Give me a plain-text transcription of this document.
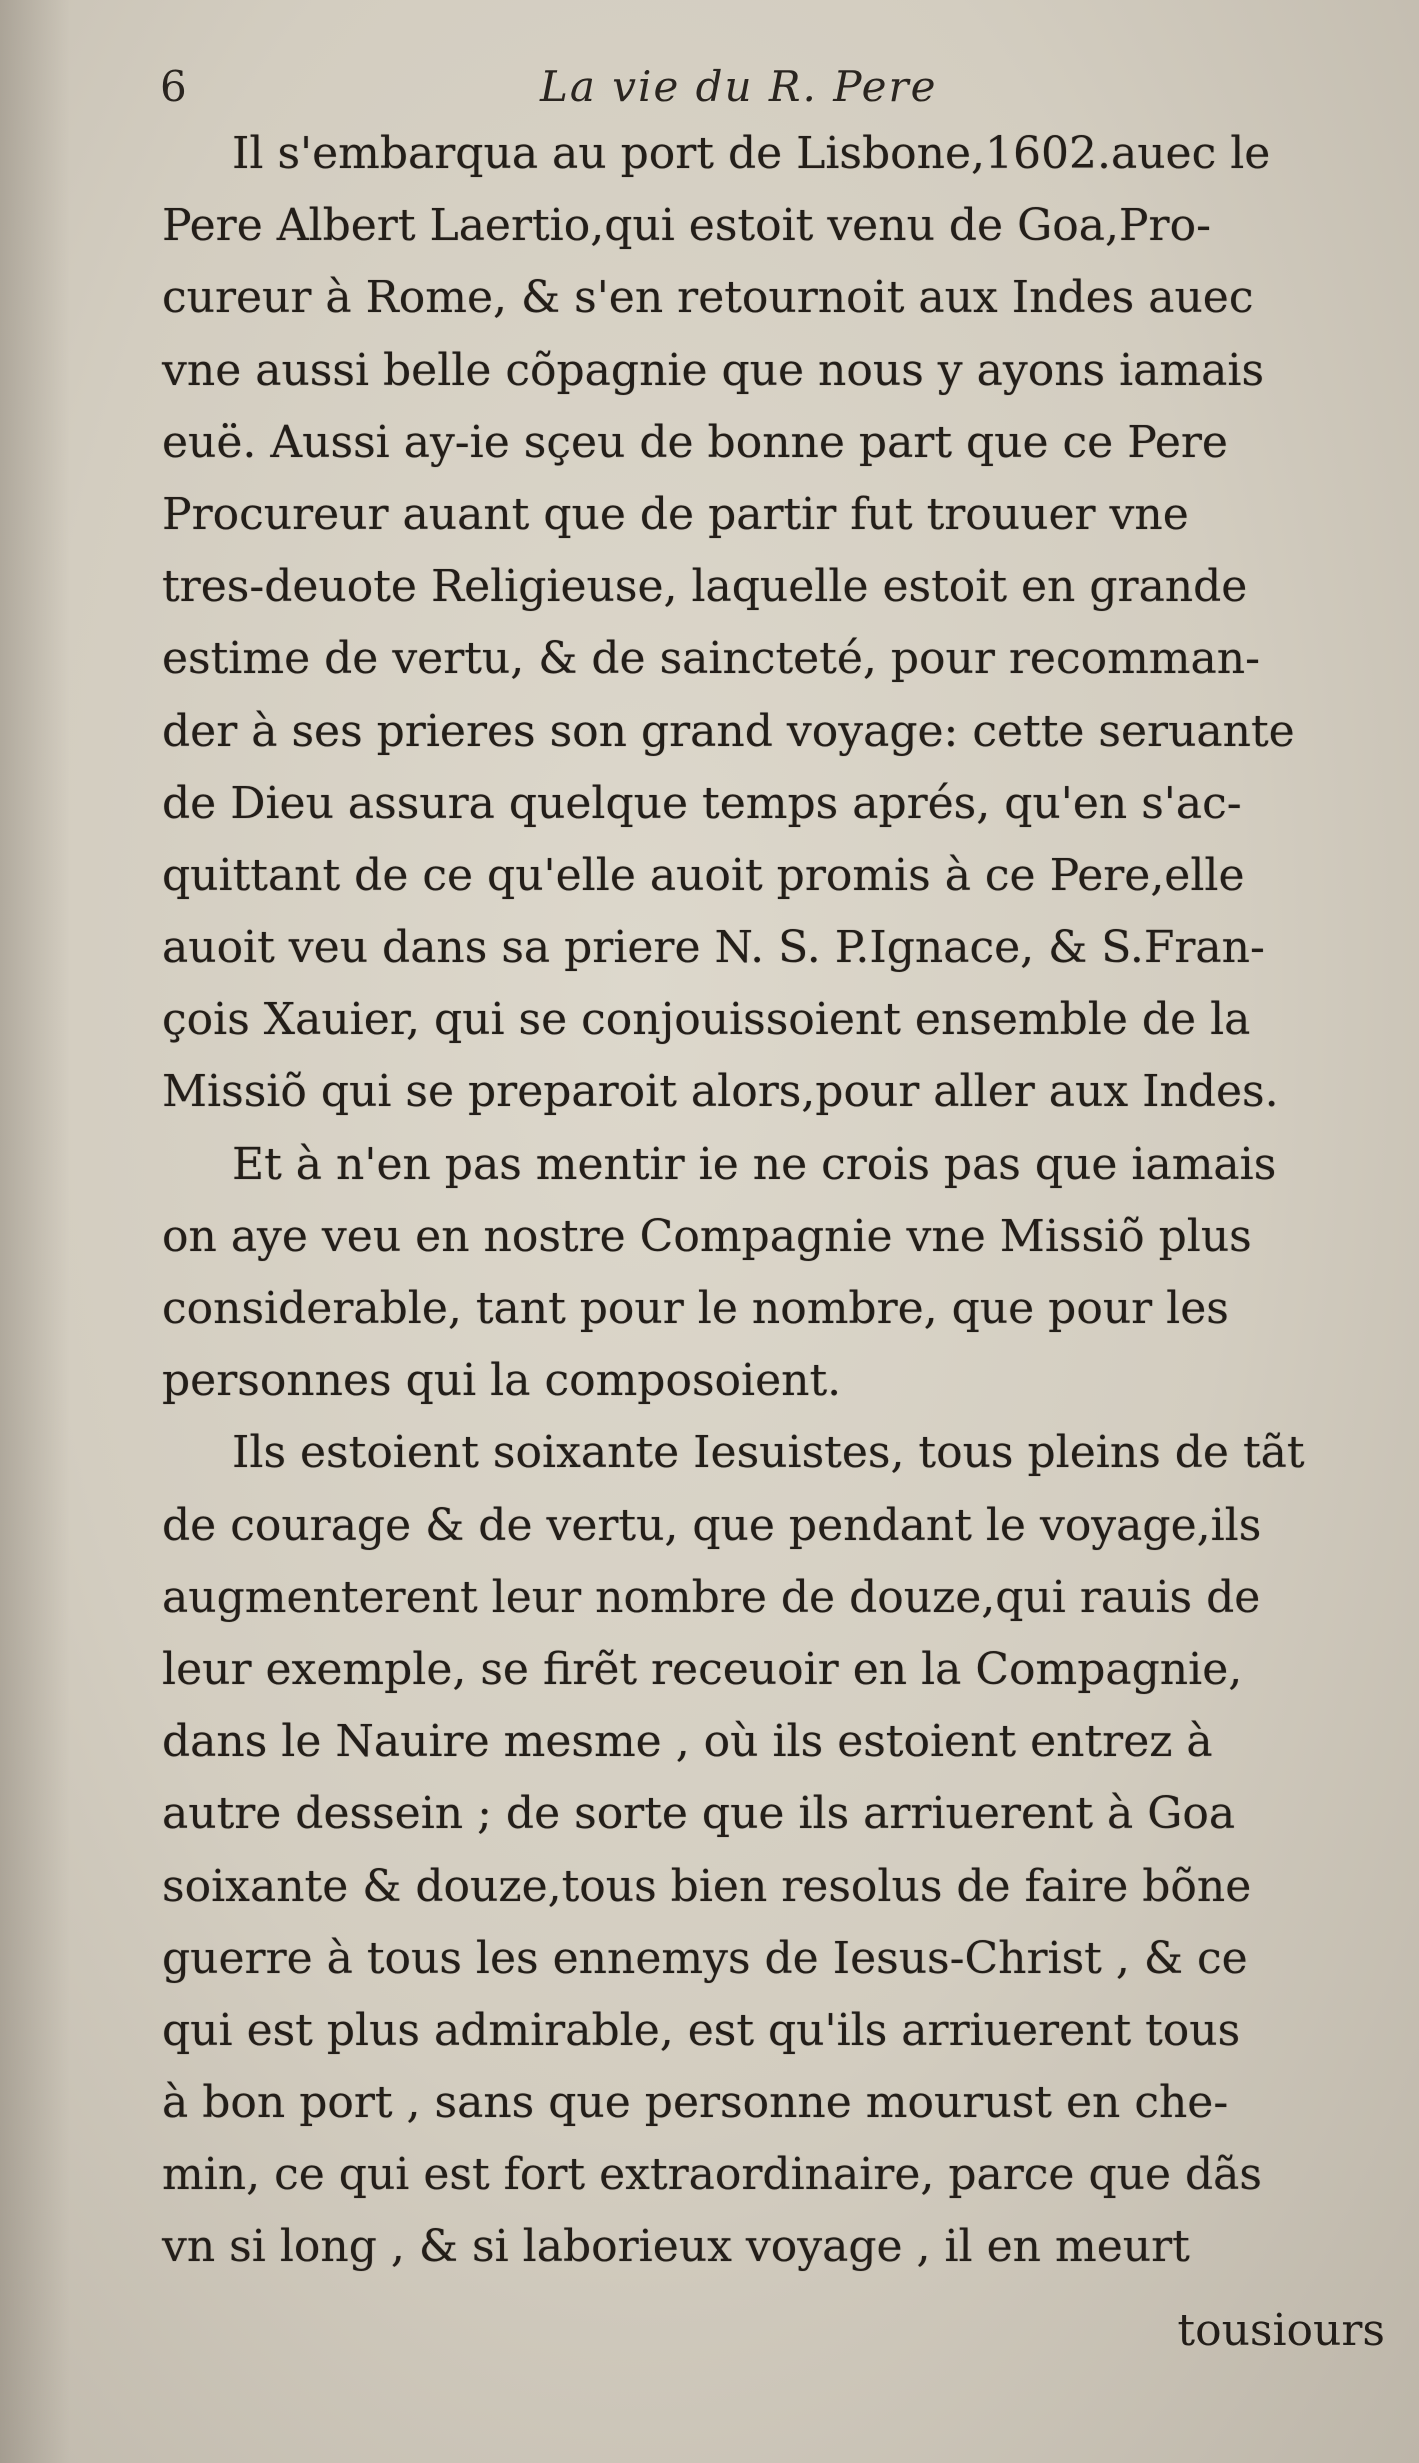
6	La vie du R. Pere
Il s'embarqua au port de Lisbone,1602.auec le
Pere Albert Laertio,qui estoit venu de Goa,Pro-
cureur à Rome, & s'en retournoit aux Indes auec
vne aussi belle cõpagnie que nous y ayons iamais
euë. Aussi ay-ie sçeu de bonne part que ce Pere
Procureur auant que de partir fut trouuer vne
tres-deuote Religieuse, laquelle estoit en grande
estime de vertu, & de saincteté, pour recomman-
der à ses prieres son grand voyage: cette seruante
de Dieu assura quelque temps aprés, qu'en s'ac-
quittant de ce qu'elle auoit promis à ce Pere,elle
auoit veu dans sa priere N. S. P.Ignace, & S.Fran-
çois Xauier, qui se conjouissoient ensemble de la
Missiõ qui se preparoit alors,pour aller aux Indes.
Et à n'en pas mentir ie ne crois pas que iamais
on aye veu en nostre Compagnie vne Missiõ plus
considerable, tant pour le nombre, que pour les
personnes qui la composoient.
Ils estoient soixante Iesuistes, tous pleins de tãt
de courage & de vertu, que pendant le voyage,ils
augmenterent leur nombre de douze,qui rauis de
leur exemple, se firẽt receuoir en la Compagnie,
dans le Nauire mesme , où ils estoient entrez à
autre dessein ; de sorte que ils arriuerent à Goa
soixante & douze,tous bien resolus de faire bõne
guerre à tous les ennemys de Iesus-Christ , & ce
qui est plus admirable, est qu'ils arriuerent tous
à bon port , sans que personne mourust en che-
min, ce qui est fort extraordinaire, parce que dãs
vn si long , & si laborieux voyage , il en meurt
tousiours
